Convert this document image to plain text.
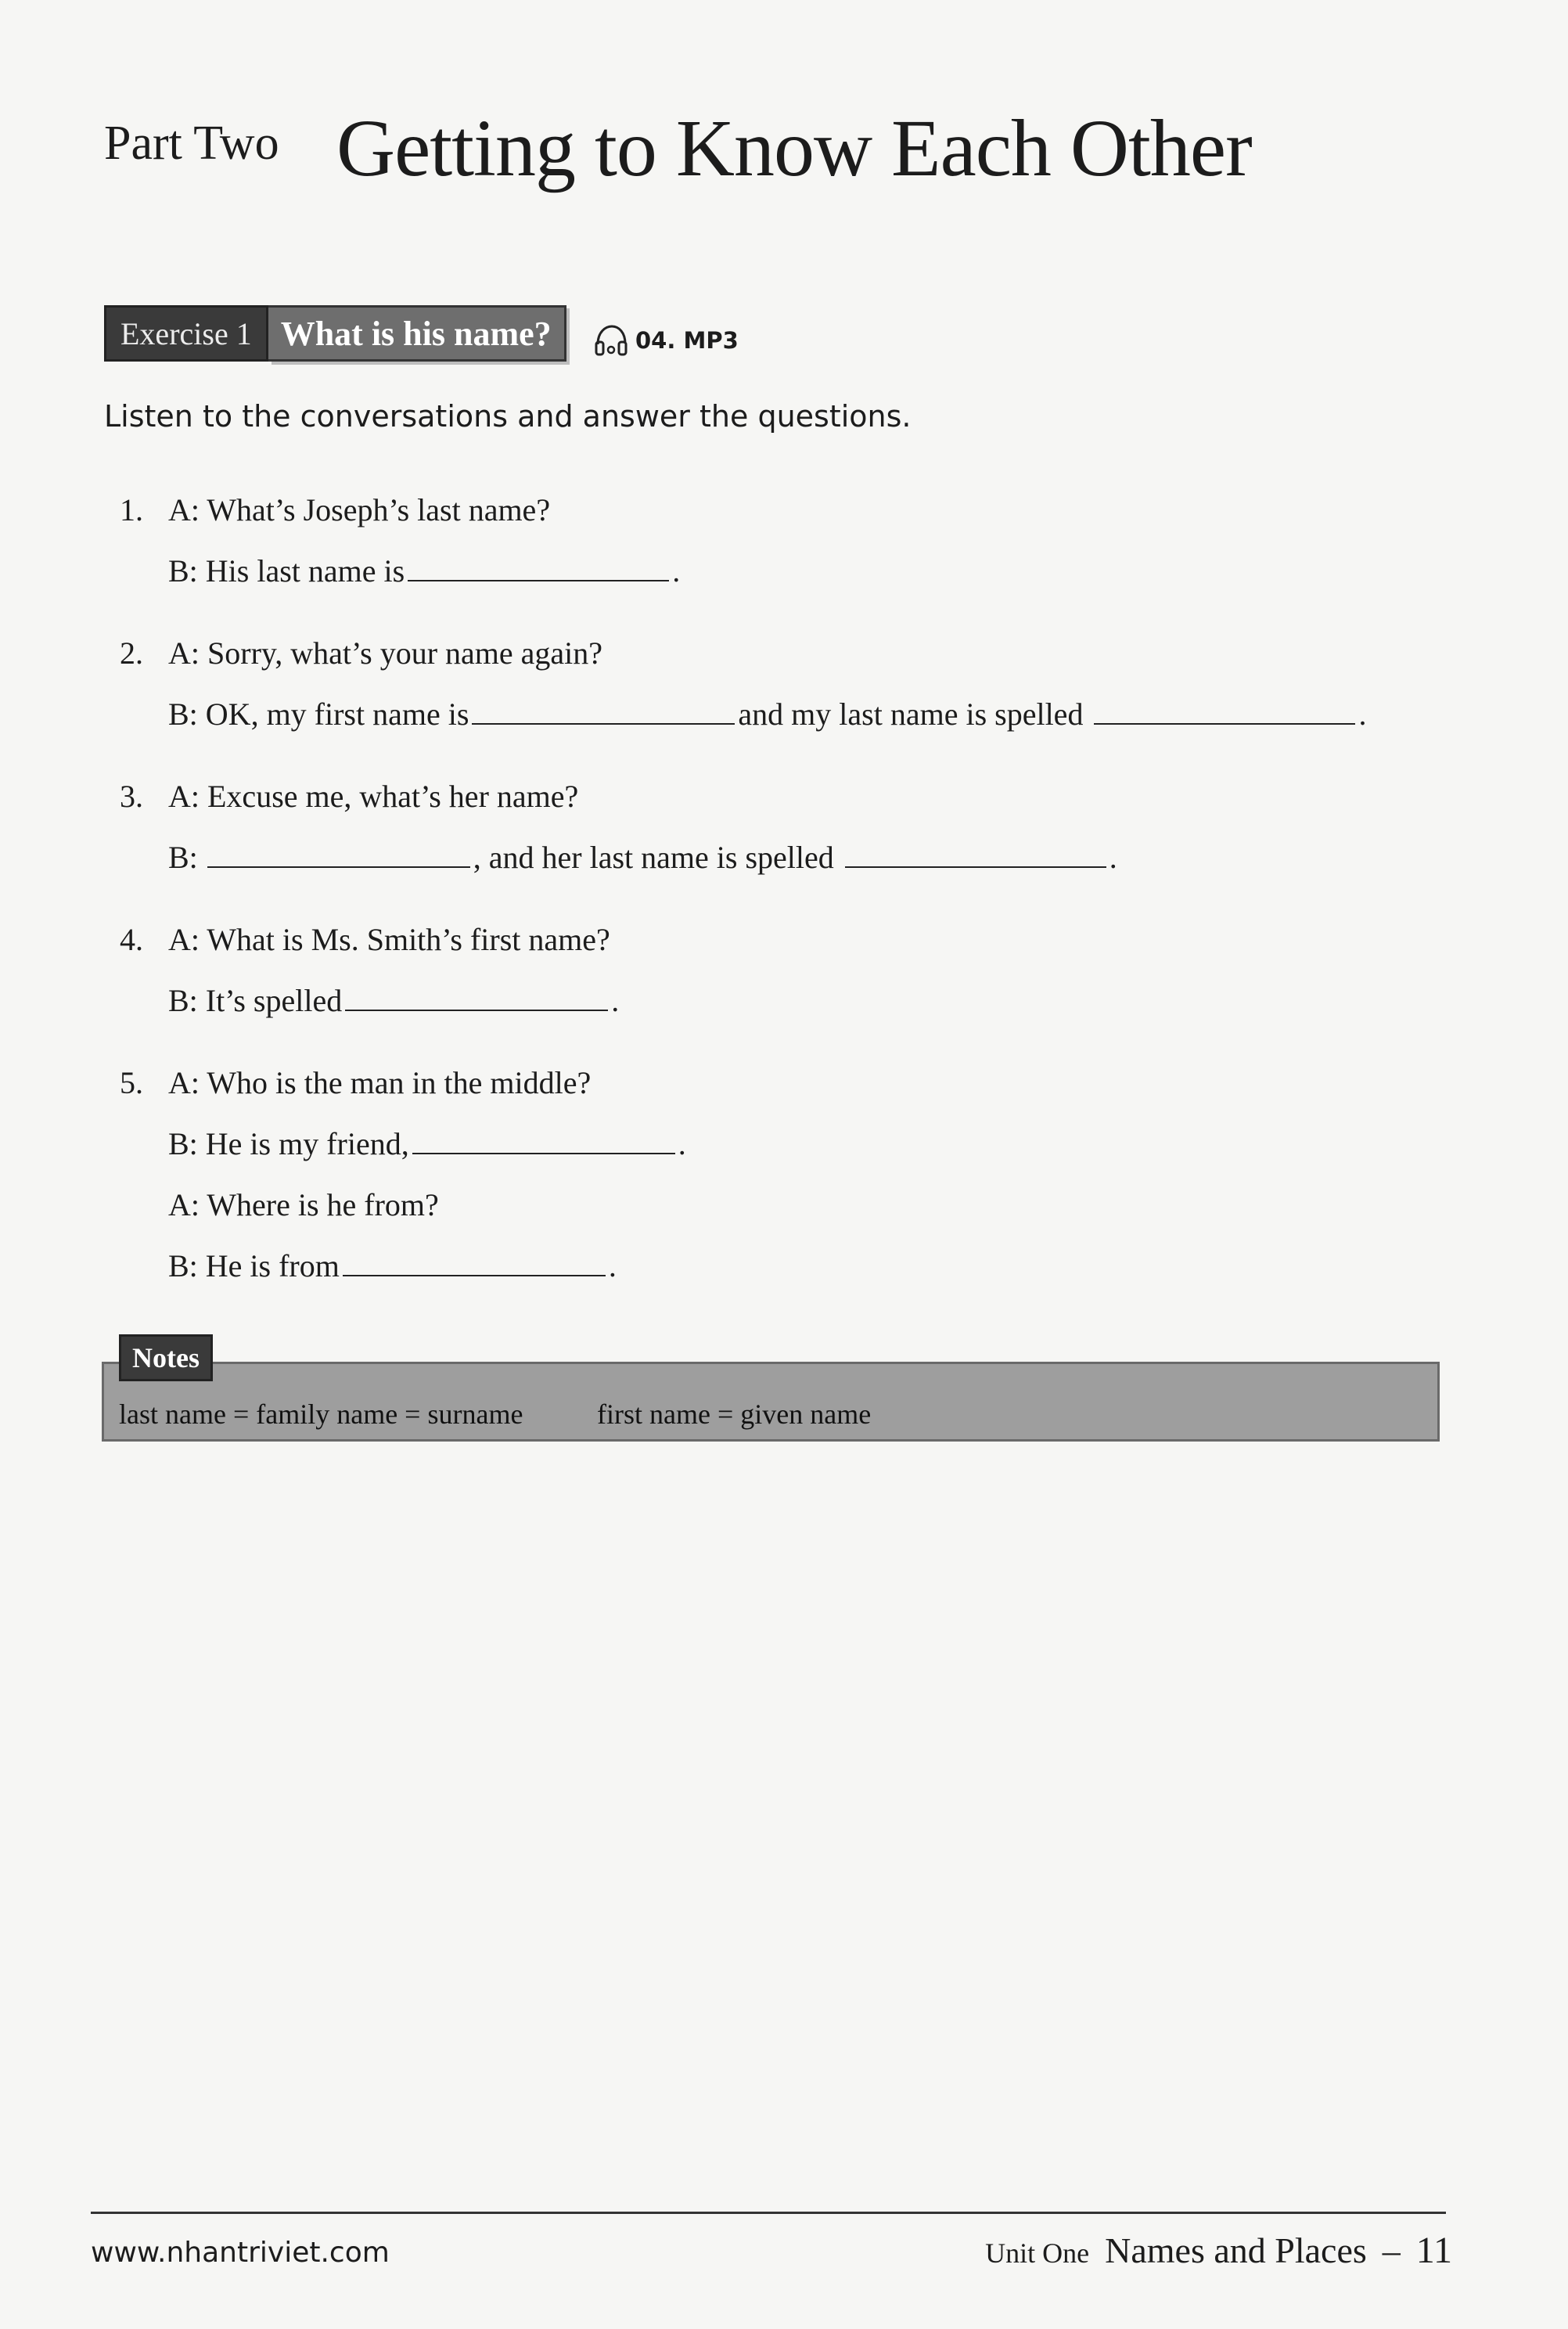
Part Two Getting to Know Each Other
Exercise 1 What is his name?	04. MP3
Listen to the conversations and answer the questions.
1. A: What’s Joseph’s last name?
B: His last name is	.
2. A: Sorry, what’s your name again?
B: OK, my first name is	and my last name is spelled	.
3. A: Excuse me, what’s her name?
B:	, and her last name is spelled	.
4. A: What is Ms. Smith’s first name?
B: It’s spelled	.
5. A: Who is the man in the middle?
B: He is my friend,	.
A: Where is he from?
B: He is from	.
Notes
last name = family name = surname	first name = given name
www.nhantriviet.com	Unit One Names and Places – 11
